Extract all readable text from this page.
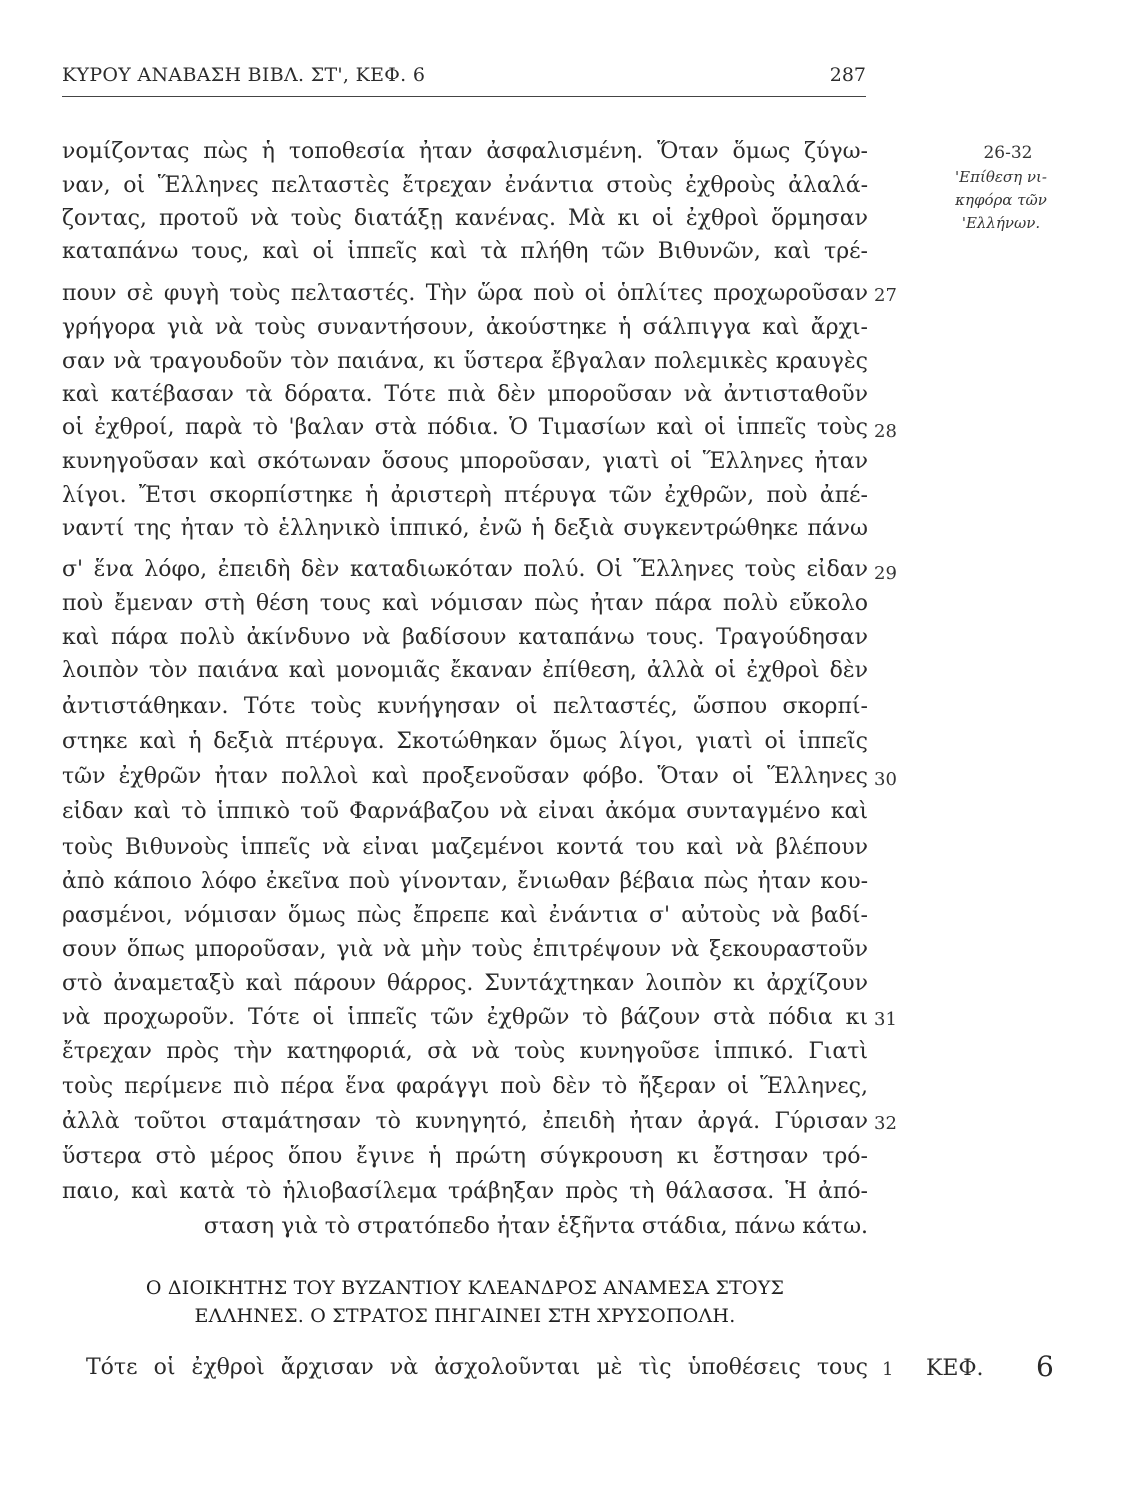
ΚΥΡΟΥ ΑΝΑΒΑΣΗ ΒΙΒΛ. ΣΤ', ΚΕΦ. 6	287
26-32
'Επίθεση νι-
κηφόρα τῶν
'Ελλήνων.
νομίζοντας πὼς ἡ τοποθεσία ἦταν ἀσφαλισμένη. Ὅταν ὅμως ζύγω-
ναν, οἱ Ἕλληνες πελταστὲς ἔτρεχαν ἐνάντια στοὺς ἐχθροὺς ἀλαλά-
ζοντας, προτοῦ νὰ τοὺς διατάξῃ κανένας. Μὰ κι οἱ ἐχθροὶ ὅρμησαν
καταπάνω τους, καὶ οἱ ἱππεῖς καὶ τὰ πλήθη τῶν Βιθυνῶν, καὶ τρέ-
πουν σὲ φυγὴ τοὺς πελταστές. Τὴν ὥρα ποὺ οἱ ὁπλίτες προχωροῦσαν
γρήγορα γιὰ νὰ τοὺς συναντήσουν, ἀκούστηκε ἡ σάλπιγγα καὶ ἄρχι-
σαν νὰ τραγουδοῦν τὸν παιάνα, κι ὕστερα ἔβγαλαν πολεμικὲς κραυγὲς
καὶ κατέβασαν τὰ δόρατα. Τότε πιὰ δὲν μποροῦσαν νὰ ἀντισταθοῦν
οἱ ἐχθροί, παρὰ τὸ 'βαλαν στὰ πόδια. Ὁ Τιμασίων καὶ οἱ ἱππεῖς τοὺς
κυνηγοῦσαν καὶ σκότωναν ὅσους μποροῦσαν, γιατὶ οἱ Ἕλληνες ἦταν
λίγοι. Ἔτσι σκορπίστηκε ἡ ἀριστερὴ πτέρυγα τῶν ἐχθρῶν, ποὺ ἀπέ-
ναντί της ἦταν τὸ ἑλληνικὸ ἱππικό, ἐνῶ ἡ δεξιὰ συγκεντρώθηκε πάνω
σ' ἕνα λόφο, ἐπειδὴ δὲν καταδιωκόταν πολύ. Οἱ Ἕλληνες τοὺς εἶδαν
ποὺ ἔμεναν στὴ θέση τους καὶ νόμισαν πὼς ἦταν πάρα πολὺ εὔκολο
καὶ πάρα πολὺ ἀκίνδυνο νὰ βαδίσουν καταπάνω τους. Τραγούδησαν
λοιπὸν τὸν παιάνα καὶ μονομιᾶς ἔκαναν ἐπίθεση, ἀλλὰ οἱ ἐχθροὶ δὲν
ἀντιστάθηκαν. Τότε τοὺς κυνήγησαν οἱ πελταστές, ὥσπου σκορπί-
στηκε καὶ ἡ δεξιὰ πτέρυγα. Σκοτώθηκαν ὅμως λίγοι, γιατὶ οἱ ἱππεῖς
τῶν ἐχθρῶν ἦταν πολλοὶ καὶ προξενοῦσαν φόβο. Ὅταν οἱ Ἕλληνες
εἶδαν καὶ τὸ ἱππικὸ τοῦ Φαρνάβαζου νὰ εἶναι ἀκόμα συνταγμένο καὶ
τοὺς Βιθυνοὺς ἱππεῖς νὰ εἶναι μαζεμένοι κοντά του καὶ νὰ βλέπουν
ἀπὸ κάποιο λόφο ἐκεῖνα ποὺ γίνονταν, ἔνιωθαν βέβαια πὼς ἦταν κου-
ρασμένοι, νόμισαν ὅμως πὼς ἔπρεπε καὶ ἐνάντια σ' αὐτοὺς νὰ βαδί-
σουν ὅπως μποροῦσαν, γιὰ νὰ μὴν τοὺς ἐπιτρέψουν νὰ ξεκουραστοῦν
στὸ ἀναμεταξὺ καὶ πάρουν θάρρος. Συντάχτηκαν λοιπὸν κι ἀρχίζουν
νὰ προχωροῦν. Τότε οἱ ἱππεῖς τῶν ἐχθρῶν τὸ βάζουν στὰ πόδια κι
ἔτρεχαν πρὸς τὴν κατηφοριά, σὰ νὰ τοὺς κυνηγοῦσε ἱππικό. Γιατὶ
τοὺς περίμενε πιὸ πέρα ἕνα φαράγγι ποὺ δὲν τὸ ἤξεραν οἱ Ἕλληνες,
ἀλλὰ τοῦτοι σταμάτησαν τὸ κυνηγητό, ἐπειδὴ ἦταν ἀργά. Γύρισαν
ὕστερα στὸ μέρος ὅπου ἔγινε ἡ πρώτη σύγκρουση κι ἔστησαν τρό-
παιο, καὶ κατὰ τὸ ἡλιοβασίλεμα τράβηξαν πρὸς τὴ θάλασσα. Ἡ ἀπό-
σταση γιὰ τὸ στρατόπεδο ἦταν ἑξῆντα στάδια, πάνω κάτω.
27
28
29
30
31
32
Ο ΔΙΟΙΚΗΤΗΣ ΤΟΥ ΒΥΖΑΝΤΙΟΥ ΚΛΕΑΝΔΡΟΣ ΑΝΑΜΕΣΑ ΣΤΟΥΣ
ΕΛΛΗΝΕΣ. Ο ΣΤΡΑΤΟΣ ΠΗΓΑΙΝΕΙ ΣΤΗ ΧΡΥΣΟΠΟΛΗ.
Τότε οἱ ἐχθροὶ ἄρχισαν νὰ ἀσχολοῦνται μὲ τὶς ὑποθέσεις τους 1	ΚΕΦ. 6
